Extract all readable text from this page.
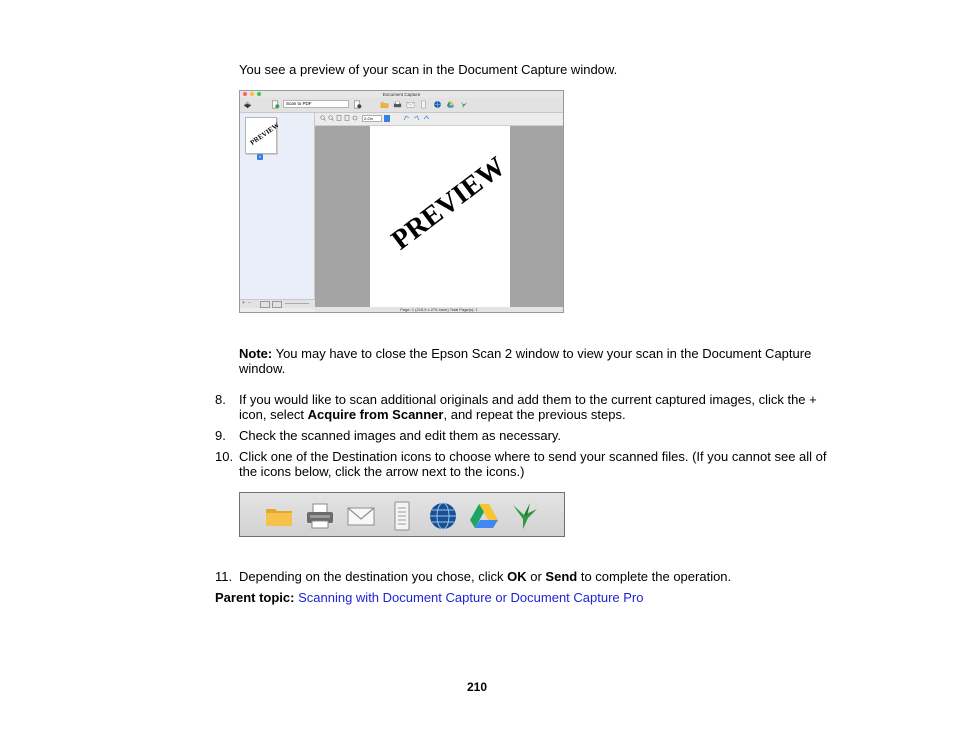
You see a preview of your scan in the Document Capture window.
Document Capture
Scan to PDF
PREVIEW
1
+ −
2-On
PREVIEW
Page: 1 (215.9 x 279.4mm) Total Page(s): 1
Note: You may have to close the Epson Scan 2 window to view your scan in the Document Capture window.
8. If you would like to scan additional originals and add them to the current captured images, click the + icon, select Acquire from Scanner, and repeat the previous steps.
9. Check the scanned images and edit them as necessary.
10. Click one of the Destination icons to choose where to send your scanned files. (If you cannot see all of the icons below, click the arrow next to the icons.)
11. Depending on the destination you chose, click OK or Send to complete the operation.
Parent topic: Scanning with Document Capture or Document Capture Pro
210
